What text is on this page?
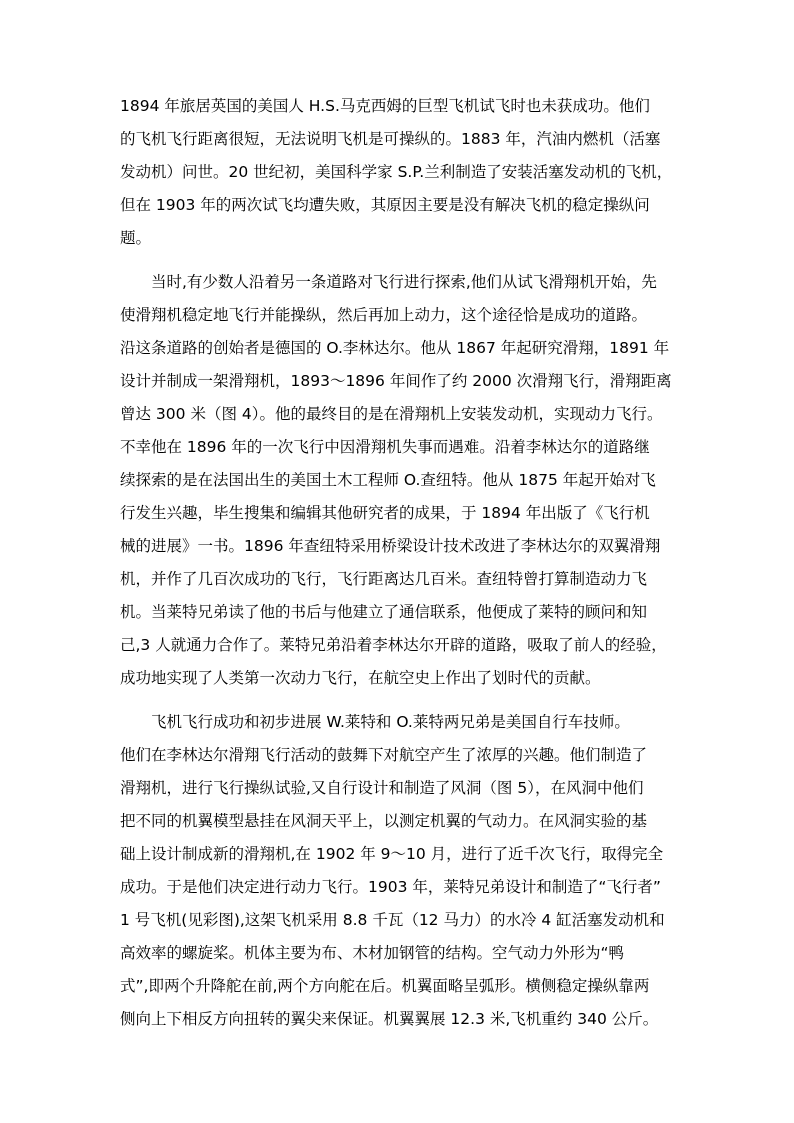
1894 年旅居英国的美国人 H.S.马克西姆的巨型飞机试飞时也未获成功。他们
的飞机飞行距离很短，无法说明飞机是可操纵的。1883 年，汽油内燃机（活塞
发动机）问世。20 世纪初，美国科学家 S.P.兰利制造了安装活塞发动机的飞机，
但在 1903 年的两次试飞均遭失败，其原因主要是没有解决飞机的稳定操纵问
题。
当时,有少数人沿着另一条道路对飞行进行探索,他们从试飞滑翔机开始，先
使滑翔机稳定地飞行并能操纵，然后再加上动力，这个途径恰是成功的道路。
沿这条道路的创始者是德国的 O.李林达尔。他从 1867 年起研究滑翔，1891 年
设计并制成一架滑翔机，1893～1896 年间作了约 2000 次滑翔飞行，滑翔距离
曾达 300 米（图 4）。他的最终目的是在滑翔机上安装发动机，实现动力飞行。
不幸他在 1896 年的一次飞行中因滑翔机失事而遇难。沿着李林达尔的道路继
续探索的是在法国出生的美国土木工程师 O.查纽特。他从 1875 年起开始对飞
行发生兴趣，毕生搜集和编辑其他研究者的成果，于 1894 年出版了《飞行机
械的进展》一书。1896 年查纽特采用桥梁设计技术改进了李林达尔的双翼滑翔
机，并作了几百次成功的飞行，飞行距离达几百米。查纽特曾打算制造动力飞
机。当莱特兄弟读了他的书后与他建立了通信联系，他便成了莱特的顾问和知
己,3 人就通力合作了。莱特兄弟沿着李林达尔开辟的道路，吸取了前人的经验，
成功地实现了人类第一次动力飞行，在航空史上作出了划时代的贡献。
飞机飞行成功和初步进展 W.莱特和 O.莱特两兄弟是美国自行车技师。
他们在李林达尔滑翔飞行活动的鼓舞下对航空产生了浓厚的兴趣。他们制造了
滑翔机，进行飞行操纵试验,又自行设计和制造了风洞（图 5），在风洞中他们
把不同的机翼模型悬挂在风洞天平上，以测定机翼的气动力。在风洞实验的基
础上设计制成新的滑翔机,在 1902 年 9～10 月，进行了近千次飞行，取得完全
成功。于是他们决定进行动力飞行。1903 年，莱特兄弟设计和制造了“飞行者”
1 号飞机(见彩图),这架飞机采用 8.8 千瓦（12 马力）的水冷 4 缸活塞发动机和
高效率的螺旋桨。机体主要为布、木材加钢管的结构。空气动力外形为“鸭
式”,即两个升降舵在前,两个方向舵在后。机翼面略呈弧形。横侧稳定操纵靠两
侧向上下相反方向扭转的翼尖来保证。机翼翼展 12.3 米,飞机重约 340 公斤。
